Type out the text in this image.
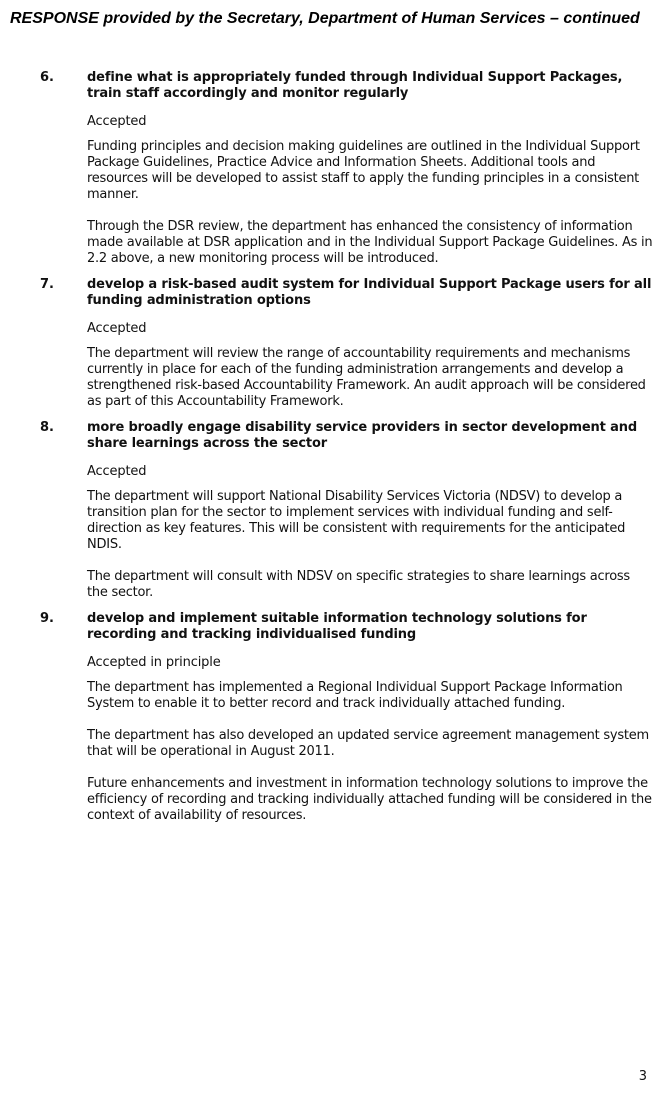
RESPONSE provided by the Secretary, Department of Human Services – continued
6.	define what is appropriately funded through Individual Support Packages, train staff accordingly and monitor regularly

Accepted

Funding principles and decision making guidelines are outlined in the Individual Support Package Guidelines, Practice Advice and Information Sheets. Additional tools and resources will be developed to assist staff to apply the funding principles in a consistent manner.

Through the DSR review, the department has enhanced the consistency of information made available at DSR application and in the Individual Support Package Guidelines. As in 2.2 above, a new monitoring process will be introduced.

7.	develop a risk-based audit system for Individual Support Package users for all funding administration options

Accepted

The department will review the range of accountability requirements and mechanisms currently in place for each of the funding administration arrangements and develop a strengthened risk-based Accountability Framework. An audit approach will be considered as part of this Accountability Framework.

8.	more broadly engage disability service providers in sector development and share learnings across the sector

Accepted

The department will support National Disability Services Victoria (NDSV) to develop a transition plan for the sector to implement services with individual funding and self-direction as key features. This will be consistent with requirements for the anticipated NDIS.

The department will consult with NDSV on specific strategies to share learnings across the sector.

9.	develop and implement suitable information technology solutions for recording and tracking individualised funding

Accepted in principle

The department has implemented a Regional Individual Support Package Information System to enable it to better record and track individually attached funding.

The department has also developed an updated service agreement management system that will be operational in August 2011.

Future enhancements and investment in information technology solutions to improve the efficiency of recording and tracking individually attached funding will be considered in the context of availability of resources.

3
